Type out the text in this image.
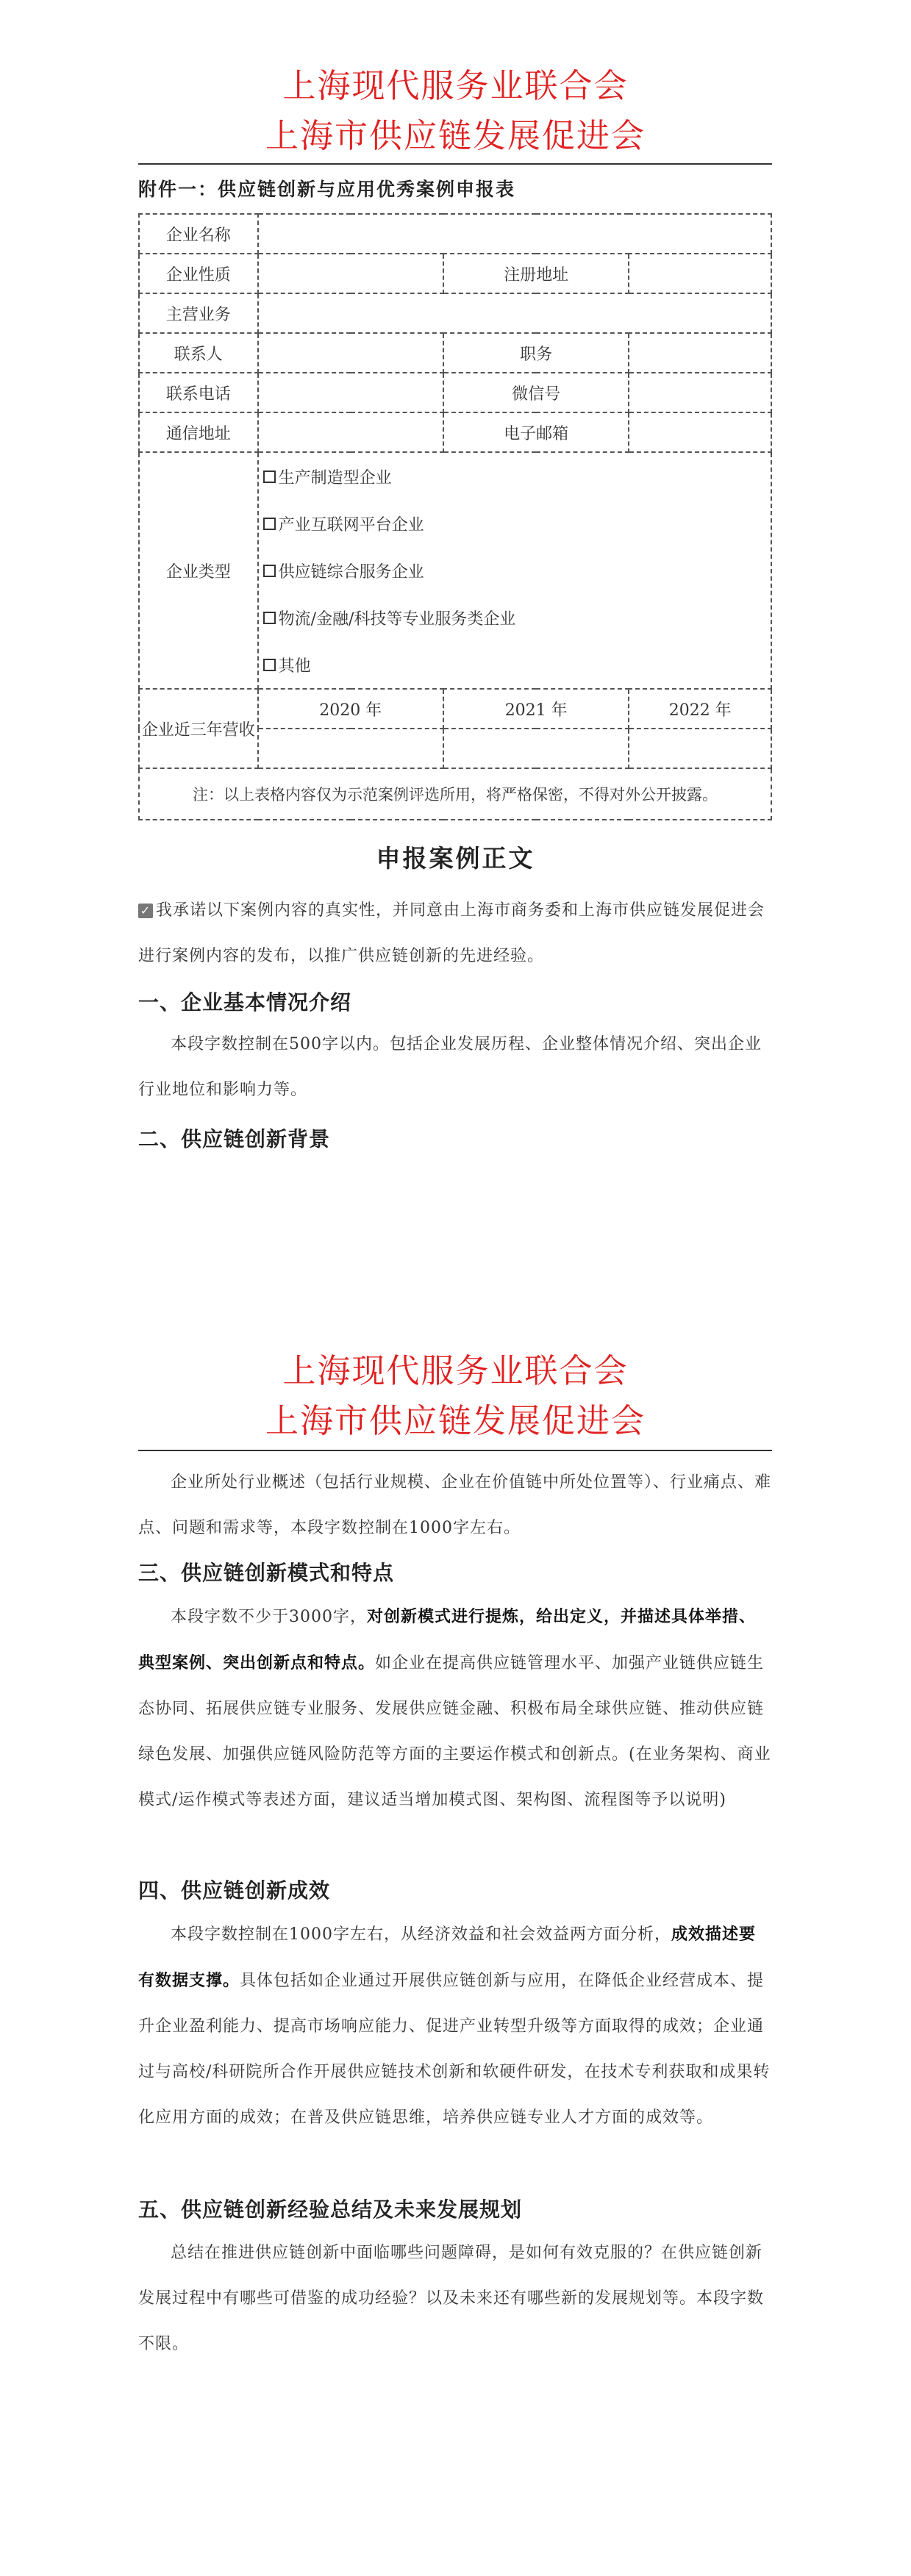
上海现代服务业联合会
上海市供应链发展促进会
附件一：供应链创新与应用优秀案例申报表
企业名称			
企业性质		注册地址	
主营业务			
联系人		职务	
联系电话		微信号	
通信地址		电子邮箱	
企业类型	生产制造型企业
产业互联网平台企业
供应链综合服务企业
物流/金融/科技等专业服务类企业
其他		

企业近三年营收	2020 年	2021 年	2022 年

注：以上表格内容仅为示范案例评选所用，将严格保密，不得对外公开披露。			
申报案例正文
✓ 我承诺以下案例内容的真实性，并同意由上海市商务委和上海市供应链发展促进会进行案例内容的发布，以推广供应链创新的先进经验。
一、企业基本情况介绍
本段字数控制在500字以内。包括企业发展历程、企业整体情况介绍、突出企业行业地位和影响力等。
二、供应链创新背景
上海现代服务业联合会
上海市供应链发展促进会
企业所处行业概述（包括行业规模、企业在价值链中所处位置等）、行业痛点、难点、问题和需求等，本段字数控制在1000字左右。
三、供应链创新模式和特点
本段字数不少于3000字，对创新模式进行提炼，给出定义，并描述具体举措、典型案例、突出创新点和特点。如企业在提高供应链管理水平、加强产业链供应链生态协同、拓展供应链专业服务、发展供应链金融、积极布局全球供应链、推动供应链绿色发展、加强供应链风险防范等方面的主要运作模式和创新点。(在业务架构、商业模式/运作模式等表述方面，建议适当增加模式图、架构图、流程图等予以说明)
四、供应链创新成效
本段字数控制在1000字左右，从经济效益和社会效益两方面分析，成效描述要有数据支撑。具体包括如企业通过开展供应链创新与应用，在降低企业经营成本、提升企业盈利能力、提高市场响应能力、促进产业转型升级等方面取得的成效；企业通过与高校/科研院所合作开展供应链技术创新和软硬件研发，在技术专利获取和成果转化应用方面的成效；在普及供应链思维，培养供应链专业人才方面的成效等。
五、供应链创新经验总结及未来发展规划
总结在推进供应链创新中面临哪些问题障碍，是如何有效克服的？在供应链创新发展过程中有哪些可借鉴的成功经验？以及未来还有哪些新的发展规划等。本段字数不限。
